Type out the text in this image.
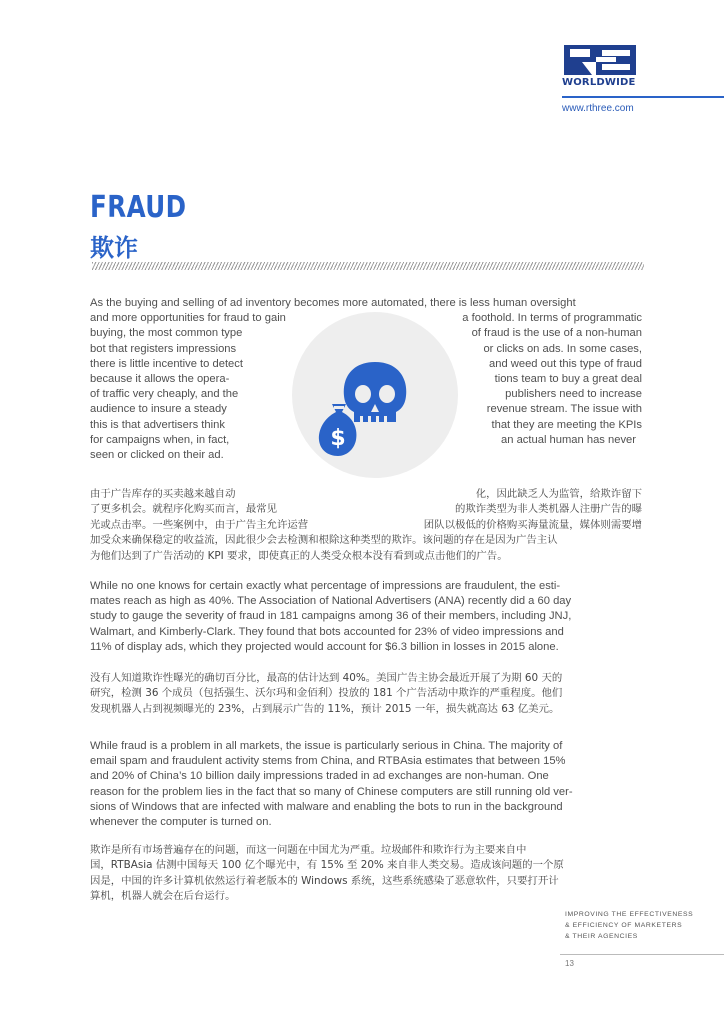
WORLDWIDE
www.rthree.com
FRAUD
欺诈
As the buying and selling of ad inventory becomes more automated, there is less human oversight
and more opportunities for fraud to gain	a foothold. In terms of programmatic
buying, the most common type	of fraud is the use of a non-human
bot that registers impressions	or clicks on ads. In some cases,
there is little incentive to detect	and weed out this type of fraud
because it allows the opera-	tions team to buy a great deal
of traffic very cheaply, and the	publishers need to increase
audience to insure a steady	revenue stream. The issue with
this is that advertisers think	that they are meeting the KPIs
for campaigns when, in fact,	an actual human has never
seen or clicked on their ad.
$
由于广告库存的买卖越来越自动	化，因此缺乏人为监管，给欺诈留下
了更多机会。就程序化购买而言，最常见	的欺诈类型为非人类机器人注册广告的曝
光或点击率。一些案例中，由于广告主允许运营	团队以极低的价格购买海量流量，媒体则需要增
加受众来确保稳定的收益流，因此很少会去检测和根除这种类型的欺诈。该问题的存在是因为广告主认
为他们达到了广告活动的 KPI 要求，即使真正的人类受众根本没有看到或点击他们的广告。
While no one knows for certain exactly what percentage of impressions are fraudulent, the esti-
mates reach as high as 40%. The Association of National Advertisers (ANA) recently did a 60 day
study to gauge the severity of fraud in 181 campaigns among 36 of their members, including JNJ,
Walmart, and Kimberly-Clark. They found that bots accounted for 23% of video impressions and
11% of display ads, which they projected would account for $6.3 billion in losses in 2015 alone.
没有人知道欺诈性曝光的确切百分比，最高的估计达到 40%。美国广告主协会最近开展了为期 60 天的
研究，检测 36 个成员（包括强生、沃尔玛和金佰利）投放的 181 个广告活动中欺诈的严重程度。他们
发现机器人占到视频曝光的 23%，占到展示广告的 11%，预计 2015 一年，损失就高达 63 亿美元。
While fraud is a problem in all markets, the issue is particularly serious in China. The majority of
email spam and fraudulent activity stems from China, and RTBAsia estimates that between 15%
and 20% of China’s 10 billion daily impressions traded in ad exchanges are non-human. One
reason for the problem lies in the fact that so many of Chinese computers are still running old ver-
sions of Windows that are infected with malware and enabling the bots to run in the background
whenever the computer is turned on.
欺诈是所有市场普遍存在的问题，而这一问题在中国尤为严重。垃圾邮件和欺诈行为主要来自中
国，RTBAsia 估测中国每天 100 亿个曝光中，有 15% 至 20% 来自非人类交易。造成该问题的一个原
因是，中国的许多计算机依然运行着老版本的 Windows 系统，这些系统感染了恶意软件，只要打开计
算机，机器人就会在后台运行。
IMPROVING THE EFFECTIVENESS
& EFFICIENCY OF MARKETERS
& THEIR AGENCIES
13
